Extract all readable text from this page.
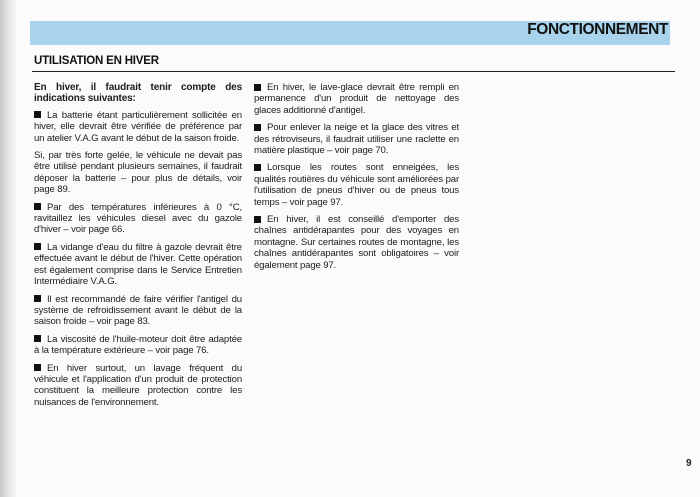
FONCTIONNEMENT
UTILISATION EN HIVER

En hiver, il faudrait tenir compte des indications suivantes:

La batterie étant particulièrement sollicitée en hiver, elle devrait être vérifiée de préférence par un atelier V.A.G avant le début de la saison froide.

Si, par très forte gelée, le véhicule ne devait pas être utilisé pendant plusieurs semaines, il faudrait déposer la batterie – pour plus de détails, voir page 89.

Par des températures inférieures à 0 °C, ravitaillez les véhicules diesel avec du gazole d'hiver – voir page 66.

La vidange d'eau du filtre à gazole devrait être effectuée avant le début de l'hiver. Cette opération est également comprise dans le Service Entretien Intermédiaire V.A.G.

Il est recommandé de faire vérifier l'antigel du système de refroidissement avant le début de la saison froide – voir page 83.

La viscosité de l'huile-moteur doit être adaptée à la température extérieure – voir page 76.

En hiver surtout, un lavage fréquent du véhicule et l'application d'un produit de protection constituent la meilleure protection contre les nuisances de l'environnement.

En hiver, le lave-glace devrait être rempli en permanence d'un produit de nettoyage des glaces additionné d'antigel.

Pour enlever la neige et la glace des vitres et des rétroviseurs, il faudrait utiliser une raclette en matière plastique – voir page 70.

Lorsque les routes sont enneigées, les qualités routières du véhicule sont améliorées par l'utilisation de pneus d'hiver ou de pneus tous temps – voir page 97.

En hiver, il est conseillé d'emporter des chaînes antidérapantes pour des voyages en montagne. Sur certaines routes de montagne, les chaînes antidérapantes sont obligatoires – voir également page 97.

9
